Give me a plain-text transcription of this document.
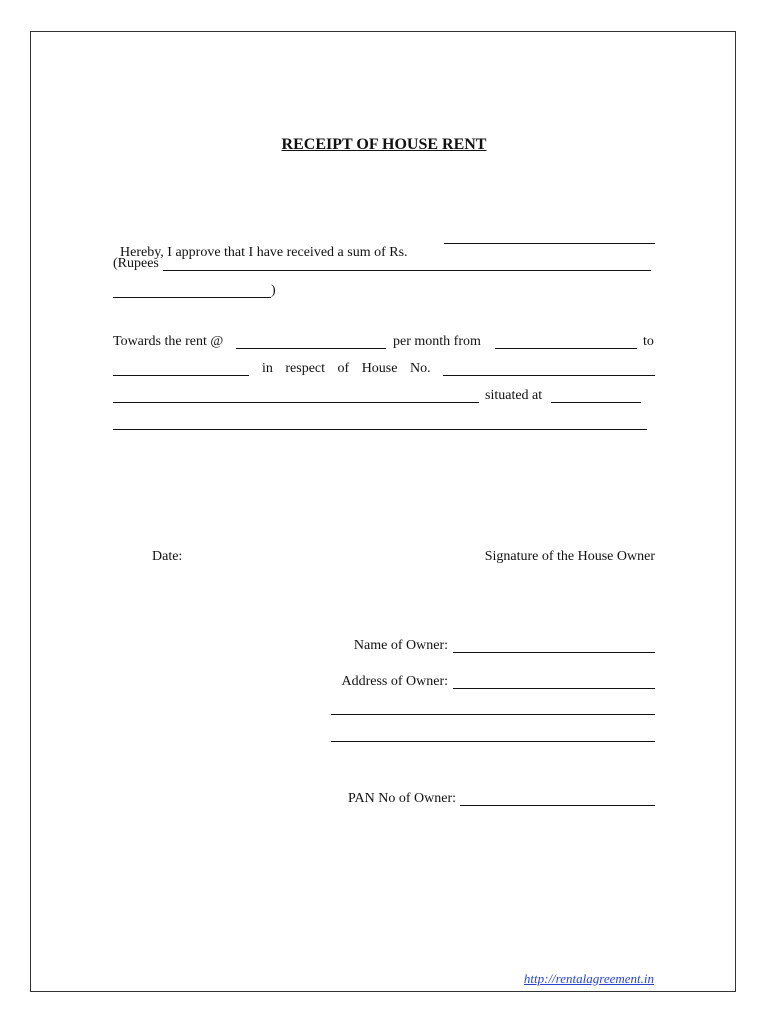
RECEIPT OF HOUSE RENT

Hereby, I approve that I have received a sum of Rs.

(Rupees
)
Towards the rent @	per month from	to
in respect of House No.
situated at
Date:	Signature of the House Owner
Name of Owner:
Address of Owner:
PAN No of Owner:
http://rentalagreement.in
